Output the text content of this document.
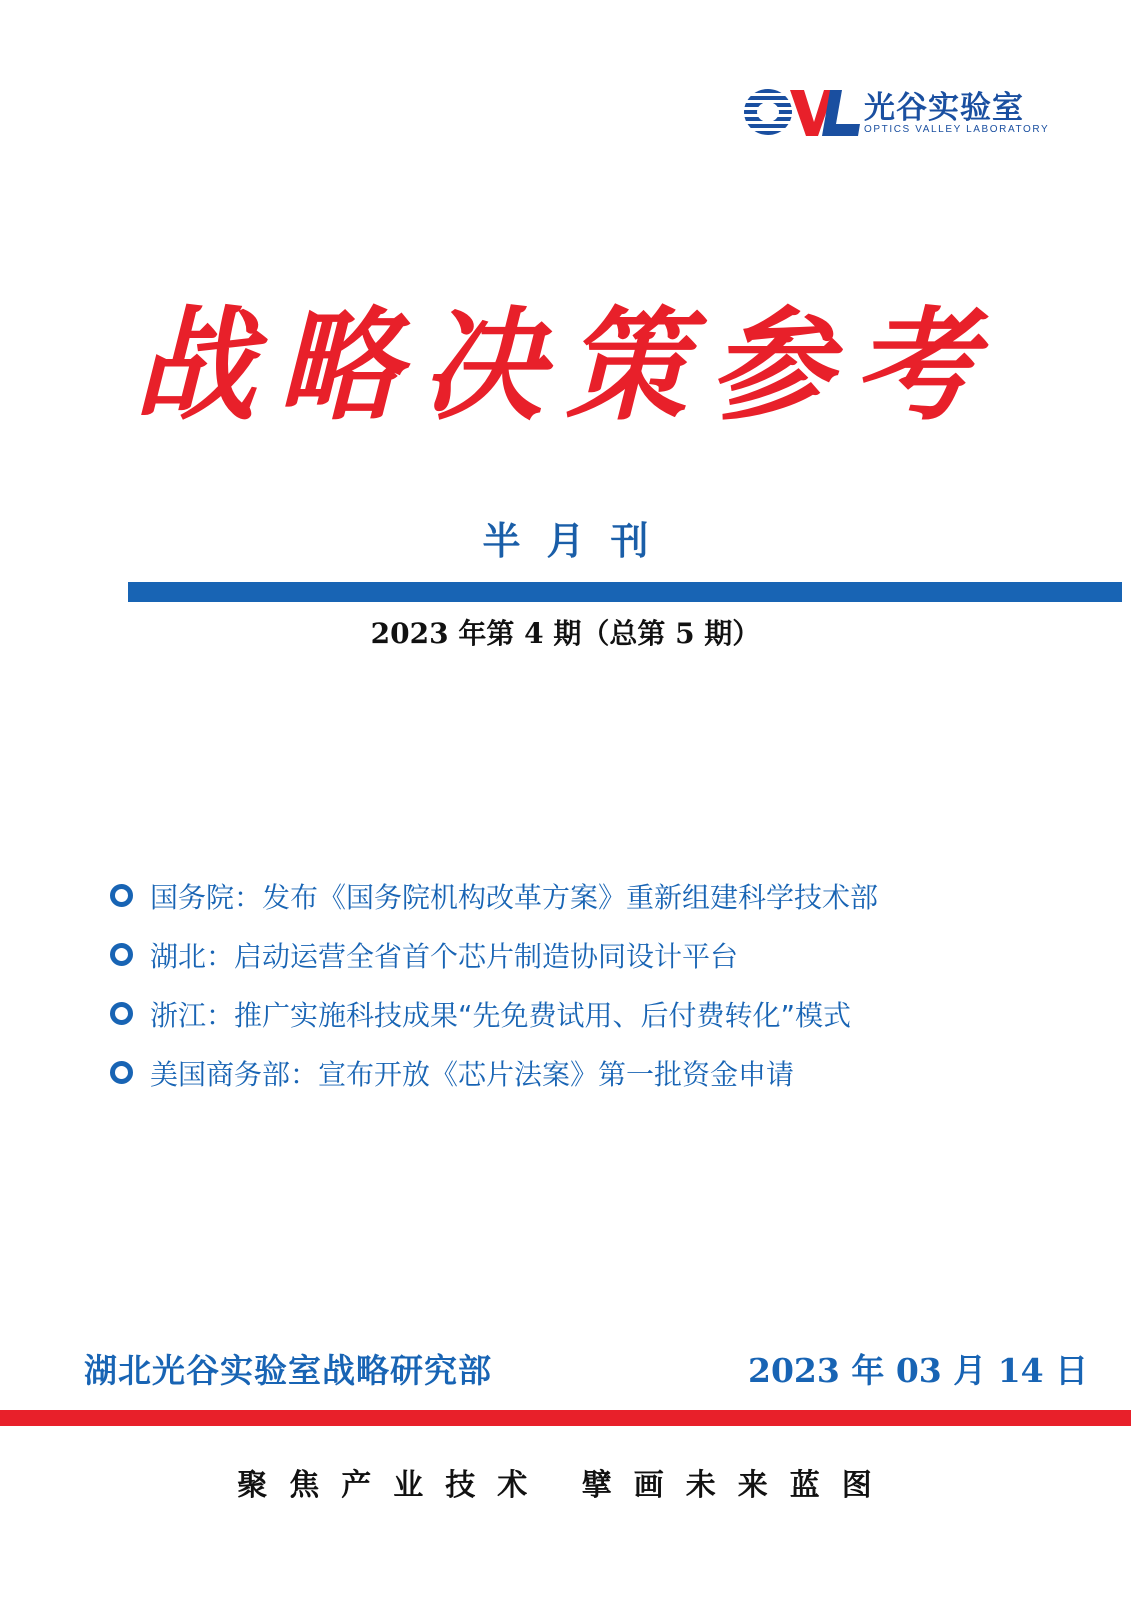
光谷实验室
OPTICS VALLEY LABORATORY
战略决策参考
半月刊
2023 年第 4 期（总第 5 期）
国务院：发布《国务院机构改革方案》重新组建科学技术部
湖北：启动运营全省首个芯片制造协同设计平台
浙江：推广实施科技成果“先免费试用、后付费转化”模式
美国商务部：宣布开放《芯片法案》第一批资金申请
湖北光谷实验室战略研究部	2023 年 03 月 14 日
聚焦产业技术 擘画未来蓝图
